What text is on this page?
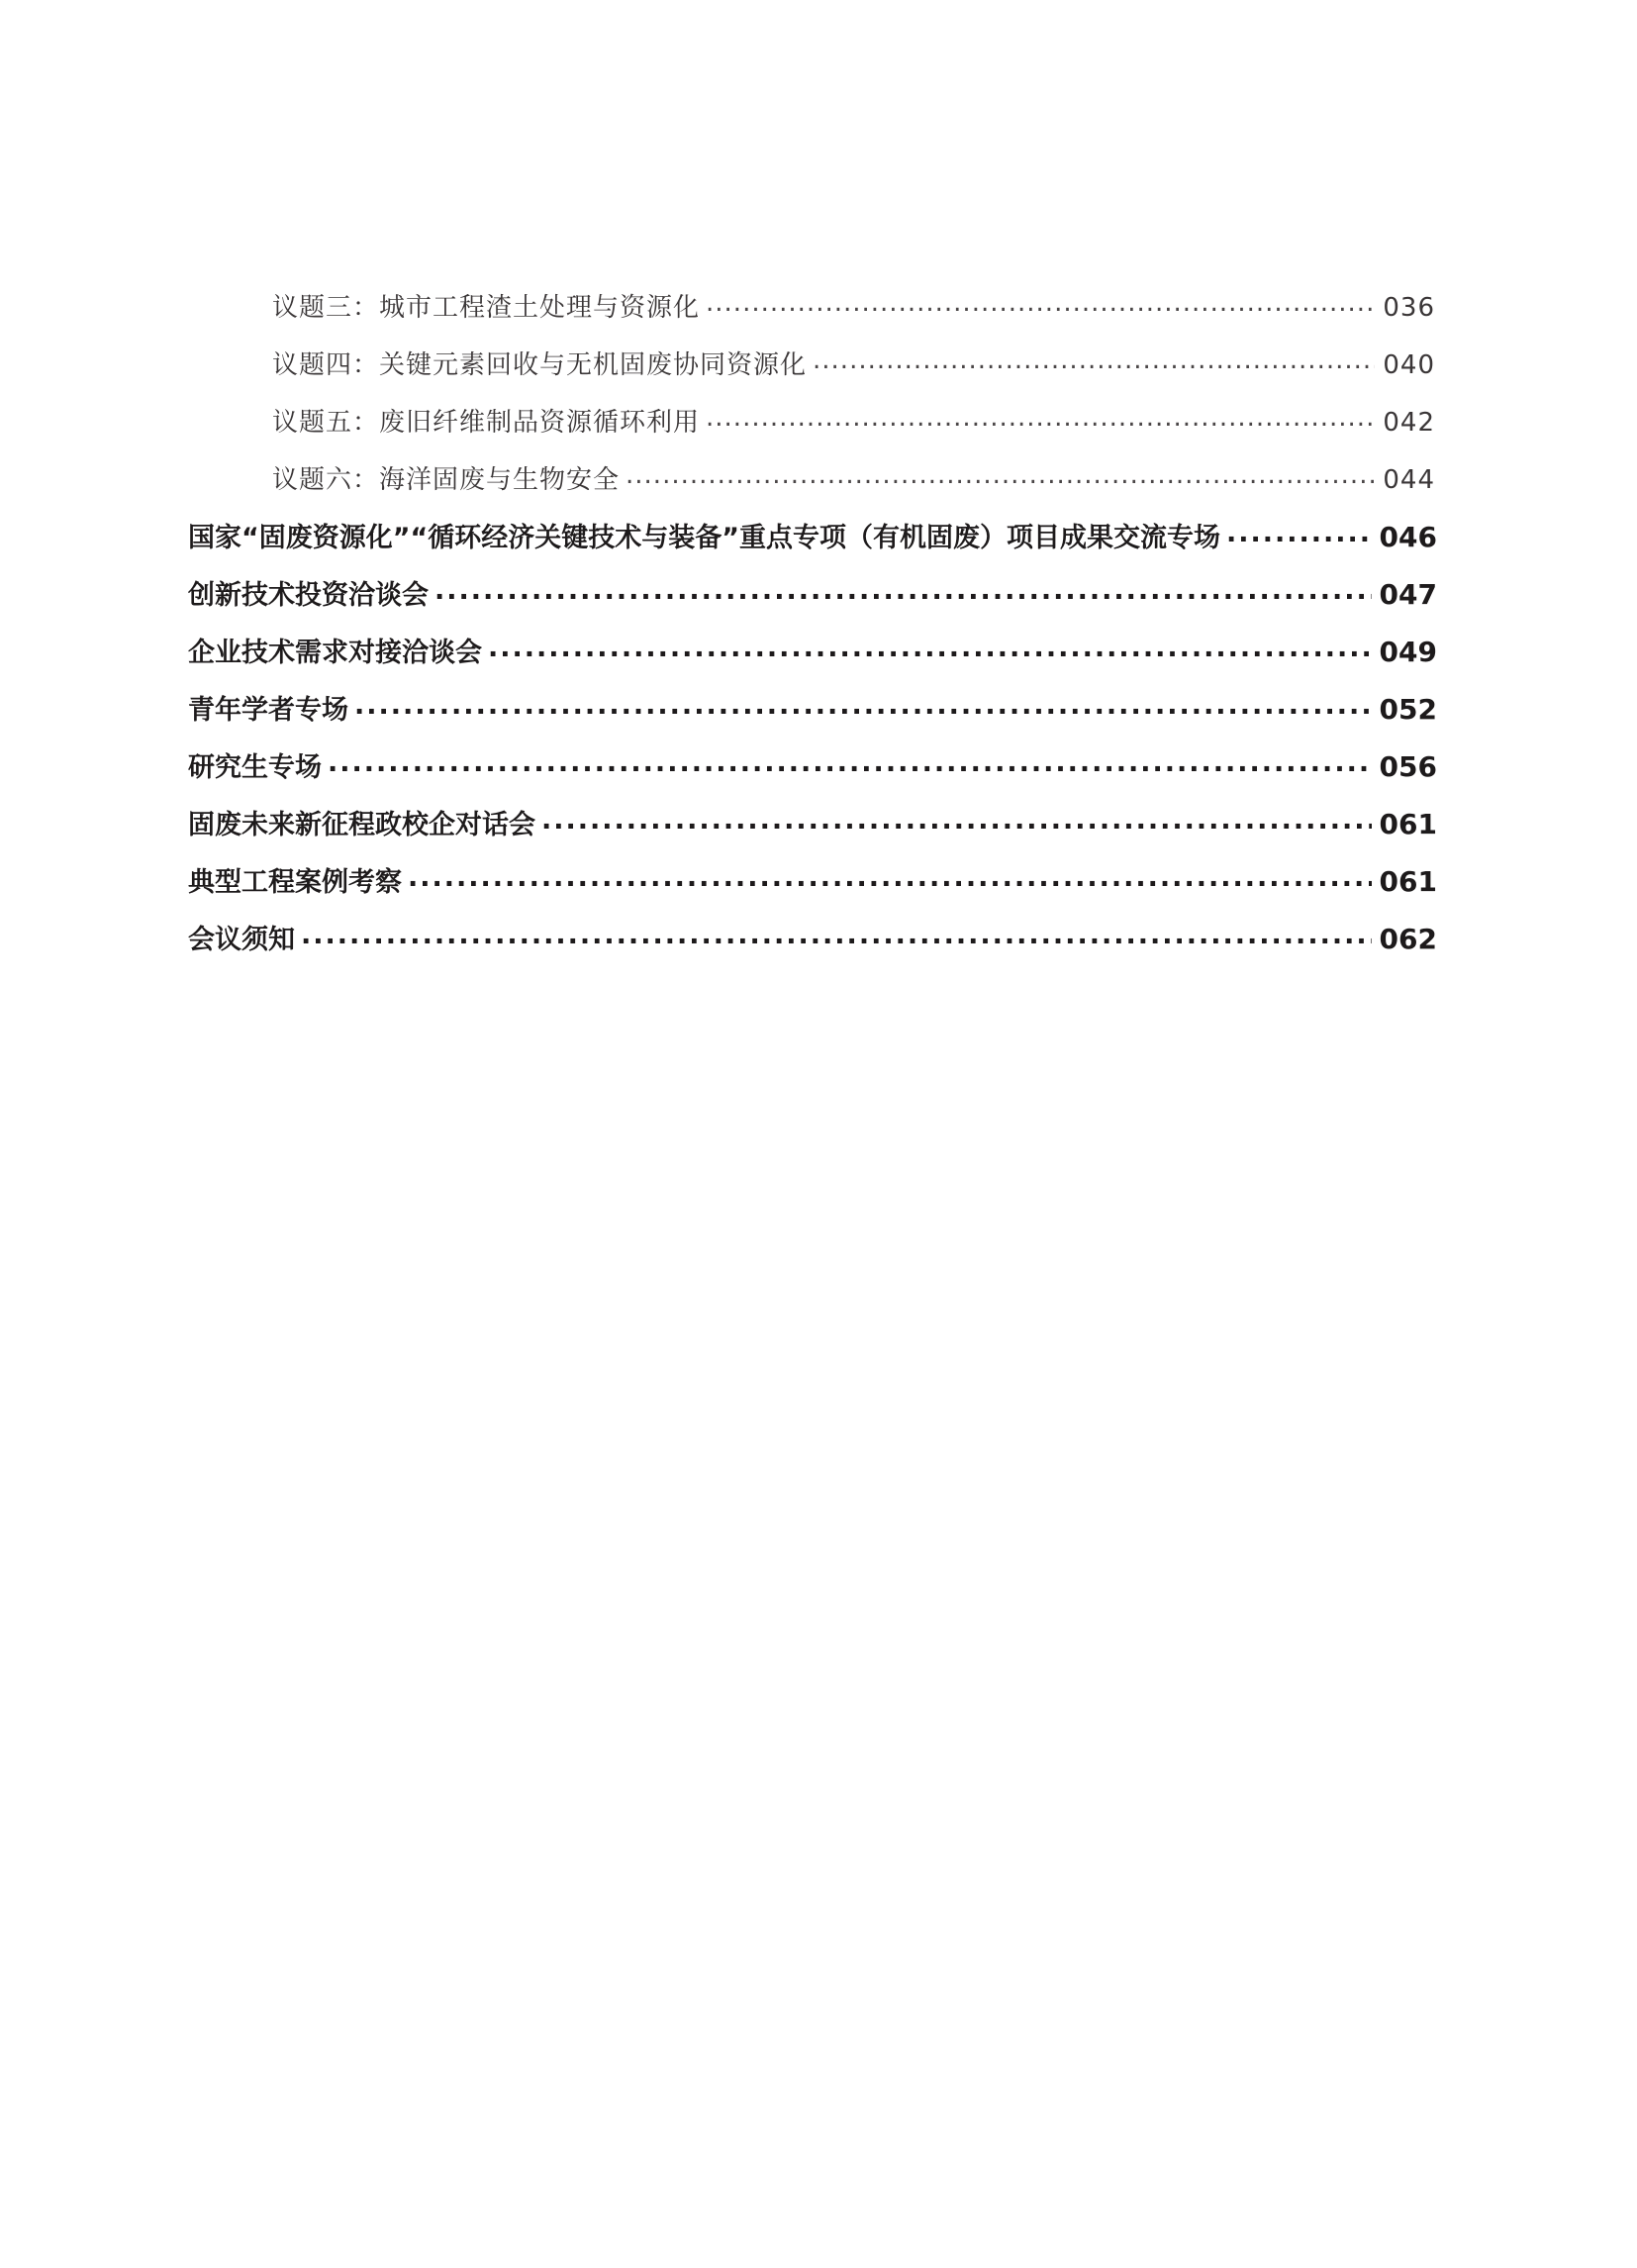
议题三：城市工程渣土处理与资源化 .....	036
议题四：关键元素回收与无机固废协同资源化 .....	040
议题五：废旧纤维制品资源循环利用 .....	042
议题六：海洋固废与生物安全 .....	044
国家“固废资源化”“循环经济关键技术与装备”重点专项（有机固废）项目成果交流专场 .....	046
创新技术投资洽谈会 .....	047
企业技术需求对接洽谈会 .....	049
青年学者专场 .....	052
研究生专场 .....	056
固废未来新征程政校企对话会 .....	061
典型工程案例考察 .....	061
会议须知 .....	062
